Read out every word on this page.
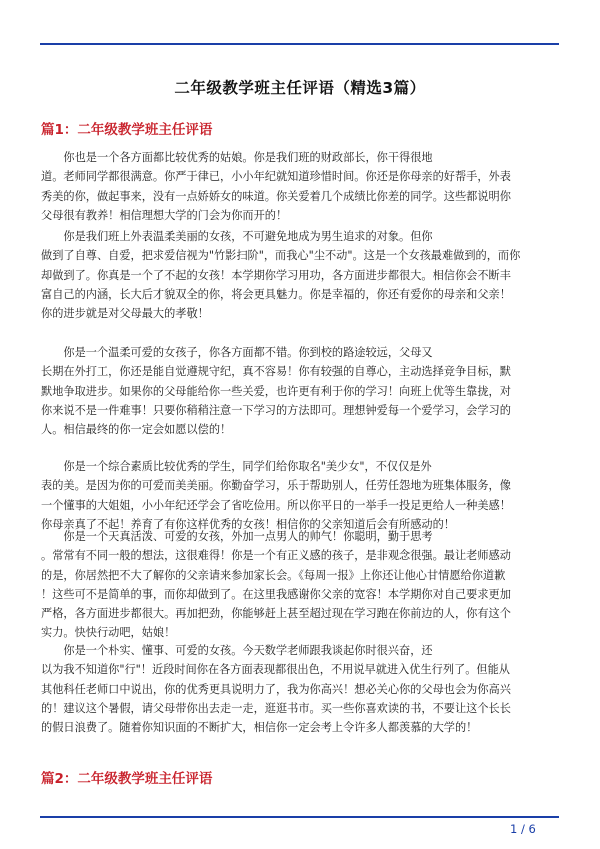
二年级教学班主任评语（精选3篇）
篇1：二年级教学班主任评语
　　你也是一个各方面都比较优秀的姑娘。你是我们班的财政部长，你干得很地
道。老师同学都很满意。你严于律已，小小年纪就知道珍惜时间。你还是你母亲的好帮手，外表
秀美的你，做起事来，没有一点娇娇女的味道。你关爱着几个成绩比你差的同学。这些都说明你
父母很有教养！相信理想大学的门会为你而开的！
　　你是我们班上外表温柔美丽的女孩，不可避免地成为男生追求的对象。但你
做到了自尊、自爱，把求爱信视为"竹影扫阶"，而我心"尘不动"。这是一个女孩最难做到的，而你
却做到了。你真是一个了不起的女孩！本学期你学习用功，各方面进步都很大。相信你会不断丰
富自己的内涵，长大后才貌双全的你，将会更具魅力。你是幸福的，你还有爱你的母亲和父亲！
你的进步就是对父母最大的孝敬！
　　你是一个温柔可爱的女孩子，你各方面都不错。你到校的路途较远，父母又
长期在外打工，你还是能自觉遵规守纪，真不容易！你有较强的自尊心，主动选择竞争目标，默
默地争取进步。如果你的父母能给你一些关爱，也许更有利于你的学习！向班上优等生靠拢，对
你来说不是一件难事！只要你稍稍注意一下学习的方法即可。理想钟爱每一个爱学习，会学习的
人。相信最终的你一定会如愿以偿的！
　　你是一个综合素质比较优秀的学生，同学们给你取名"美少女"，不仅仅是外
表的美。是因为你的可爱而美美丽。你勤奋学习，乐于帮助别人，任劳任怨地为班集体服务，像
一个懂事的大姐姐，小小年纪还学会了省吃俭用。所以你平日的一举手一投足更给人一种美感！
你母亲真了不起！养育了有你这样优秀的女孩！相信你的父亲知道后会有所感动的！
　　你是一个天真活泼、可爱的女孩，外加一点男人的帅气！你聪明，勤于思考
。常常有不同一般的想法，这很难得！你是一个有正义感的孩子，是非观念很强。最让老师感动
的是，你居然把不大了解你的父亲请来参加家长会。《每周一报》上你还让他心甘情愿给你道歉
！这些可不是简单的事，而你却做到了。在这里我感谢你父亲的宽容！本学期你对自己要求更加
严格，各方面进步都很大。再加把劲，你能够赶上甚至超过现在学习跑在你前边的人，你有这个
实力。快快行动吧，姑娘！
　　你是一个朴实、懂事、可爱的女孩。今天数学老师跟我谈起你时很兴奋，还
以为我不知道你"行"！近段时间你在各方面表现都很出色，不用说早就进入优生行列了。但能从
其他科任老师口中说出，你的优秀更具说明力了，我为你高兴！想必关心你的父母也会为你高兴
的！建议这个暑假，请父母带你出去走一走，逛逛书市。买一些你喜欢读的书，不要让这个长长
的假日浪费了。随着你知识面的不断扩大，相信你一定会考上令许多人都羡慕的大学的！
篇2：二年级教学班主任评语
1 / 6
